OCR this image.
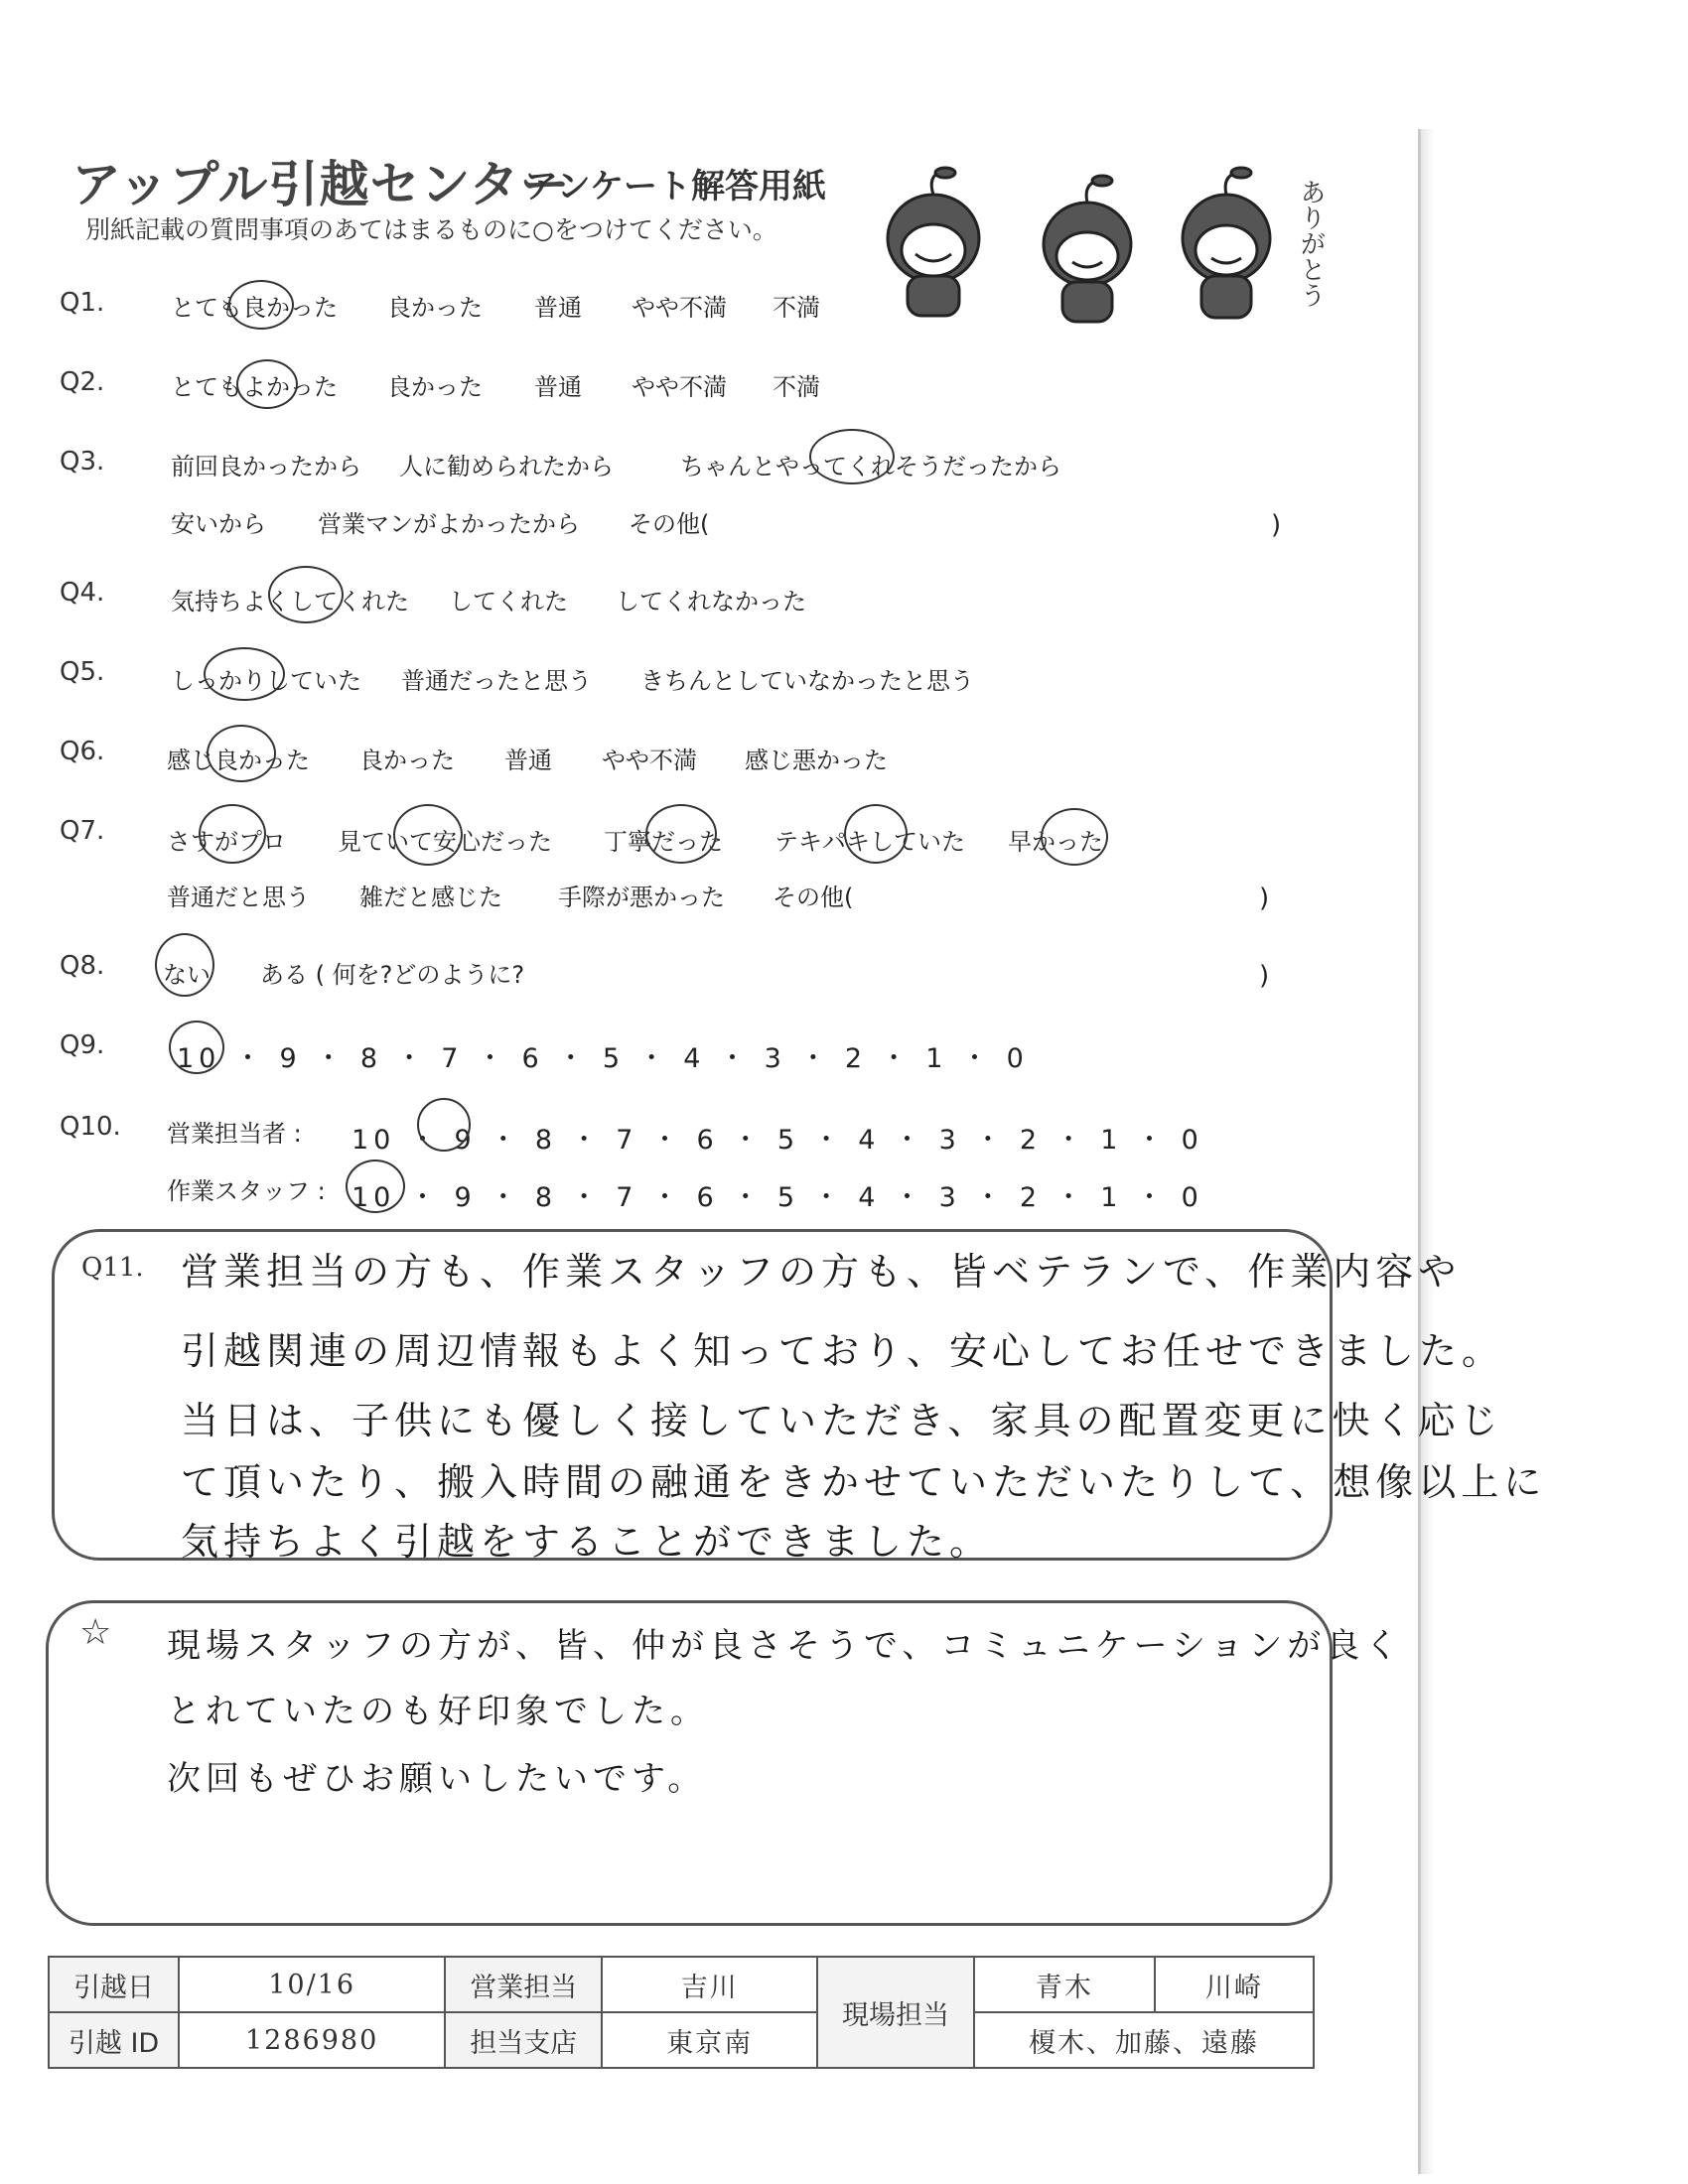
アップル引越センター
アンケート解答用紙
別紙記載の質問事項のあてはまるものに○をつけてください。	ありがとう
Q1.	とても良かった 良かった 普通 やや不満 不満
Q2.	とてもよかった 良かった 普通 やや不満 不満
Q3.	前回良かったから 人に勧められたから	ちゃんとやってくれそうだったから
安いから 営業マンがよかったから その他(	)
Q4.	気持ちよくしてくれた してくれた してくれなかった
Q5.	しっかりしていた 普通だったと思う きちんとしていなかったと思う
Q6.	感じ良かった 良かった 普通 やや不満 感じ悪かった
Q7.	さすがプロ 見ていて安心だった 丁寧だった テキパキしていた 早かった
普通だと思う 雑だと感じた 手際が悪かった その他(	)
Q8. ない ある ( 何を?どのように?	)
Q9.	10 ・ 9 ・ 8 ・ 7 ・ 6 ・ 5 ・ 4 ・ 3 ・ 2 ・ 1 ・ 0
Q10. 営業担当者 : 10 ・ 9 ・ 8 ・ 7 ・ 6 ・ 5 ・ 4 ・ 3 ・ 2 ・ 1 ・ 0
作業スタッフ : 10 ・ 9 ・ 8 ・ 7 ・ 6 ・ 5 ・ 4 ・ 3 ・ 2 ・ 1 ・ 0
Q11. 営業担当の方も、作業スタッフの方も、皆ベテランで、作業内容や
引越関連の周辺情報もよく知っており、安心してお任せできました。
当日は、子供にも優しく接していただき、家具の配置変更に快く応じ
て頂いたり、搬入時間の融通をきかせていただいたりして、想像以上に
気持ちよく引越をすることができました。
☆ 現場スタッフの方が、皆、仲が良さそうで、コミュニケーションが良く
とれていたのも好印象でした。
次回もぜひお願いしたいです。
引越日	10/16	営業担当	吉川	現場担当	青木	川崎
引越 ID	1286980	担当支店	東京南		榎木、加藤、遠藤	
